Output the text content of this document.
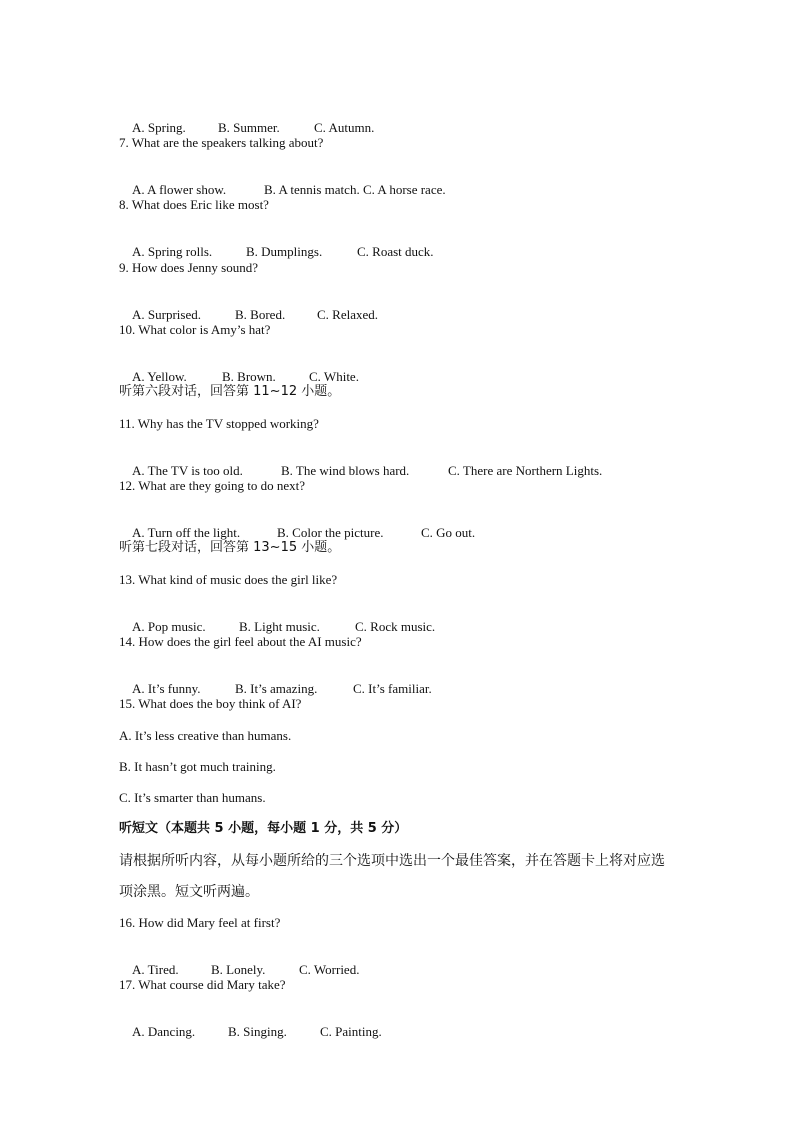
A. Spring. B. Summer.	C. Autumn.

7. What are the speakers talking about?

A. A flower show.	B. A tennis match. C. A horse race.

8. What does Eric like most?

A. Spring rolls.	B. Dumplings.	C. Roast duck.

9. How does Jenny sound?

A. Surprised.	B. Bored. C. Relaxed.

10. What color is Amy’s hat?

A. Yellow.	B. Brown.	C. White.

听第六段对话，回答第 11~12 小题。
11. Why has the TV stopped working?

A. The TV is too old.	B. The wind blows hard.	C. There are Northern Lights.

12. What are they going to do next?

A. Turn off the light.	B. Color the picture.	C. Go out.

听第七段对话，回答第 13~15 小题。
13. What kind of music does the girl like?

A. Pop music.	B. Light music.	C. Rock music.

14. How does the girl feel about the AI music?

A. It’s funny.	B. It’s amazing.	C. It’s familiar.

15. What does the boy think of AI?
A. It’s less creative than humans.
B. It hasn’t got much training.
C. It’s smarter than humans.
听短文（本题共 5 小题，每小题 1 分，共 5 分）
请根据所听内容，从每小题所给的三个选项中选出一个最佳答案，并在答题卡上将对应选
项涂黑。短文听两遍。
16. How did Mary feel at first?

A. Tired. B. Lonely.	C. Worried.

17. What course did Mary take?

A. Dancing.	B. Singing.	C. Painting.
